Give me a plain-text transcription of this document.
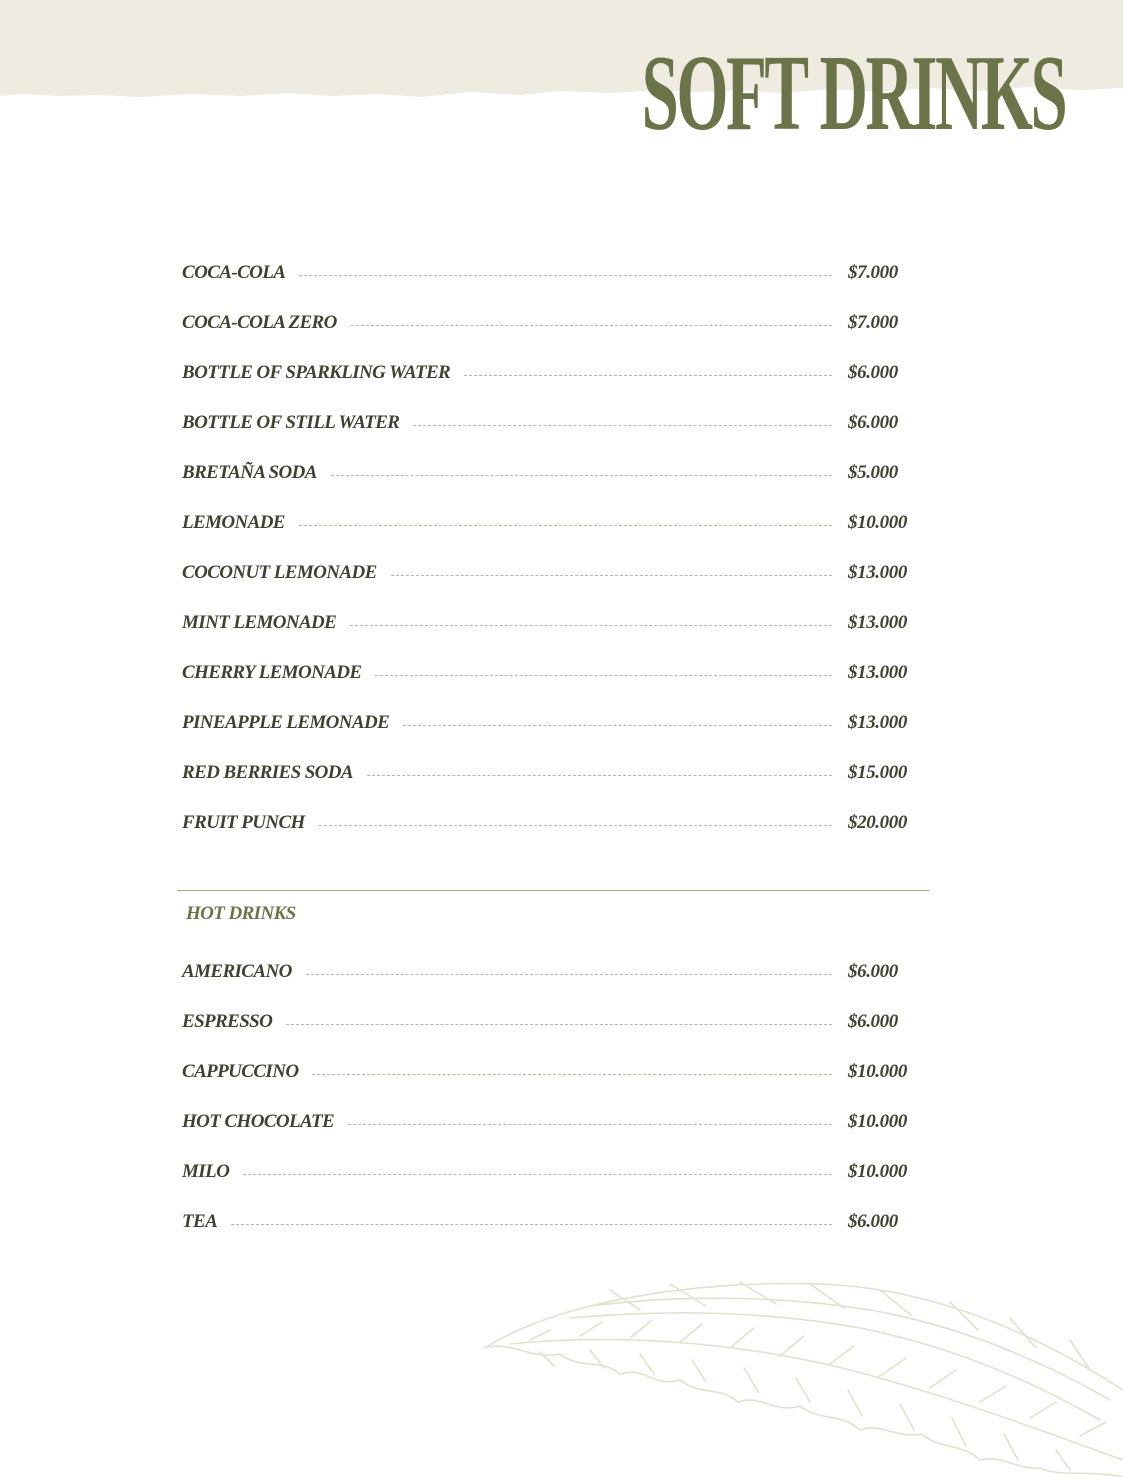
SOFT DRINKS
COCA-COLA	$7.000
COCA-COLA ZERO	$7.000
BOTTLE OF SPARKLING WATER	$6.000
BOTTLE OF STILL WATER	$6.000
BRETAÑA SODA	$5.000
LEMONADE	$10.000
COCONUT LEMONADE	$13.000
MINT LEMONADE	$13.000
CHERRY LEMONADE	$13.000
PINEAPPLE LEMONADE	$13.000
RED BERRIES SODA	$15.000
FRUIT PUNCH	$20.000
HOT DRINKS
AMERICANO	$6.000
ESPRESSO	$6.000
CAPPUCCINO	$10.000
HOT CHOCOLATE	$10.000
MILO	$10.000
TEA	$6.000
